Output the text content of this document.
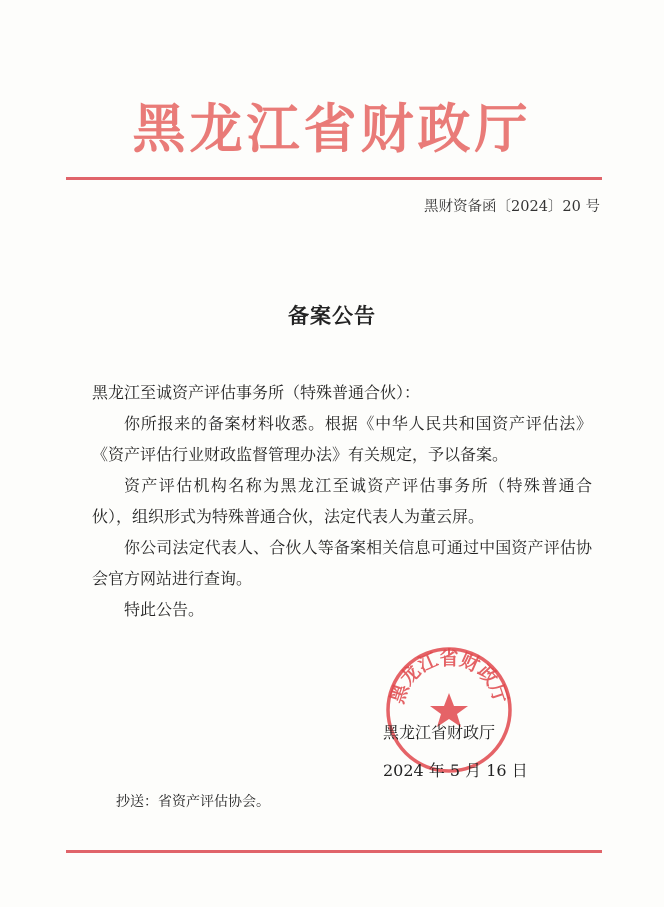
黑龙江省财政厅
黑财资备函〔2024〕20 号
备案公告

黑龙江至诚资产评估事务所（特殊普通合伙）：

你所报来的备案材料收悉。根据《中华人民共和国资产评估法》《资产评估行业财政监督管理办法》有关规定，予以备案。

资产评估机构名称为黑龙江至诚资产评估事务所（特殊普通合伙），组织形式为特殊普通合伙，法定代表人为董云屏。

你公司法定代表人、合伙人等备案相关信息可通过中国资产评估协会官方网站进行查询。

特此公告。

黑龙江省财政厅
黑龙江省财政厅
2024 年 5 月 16 日
抄送：省资产评估协会。
